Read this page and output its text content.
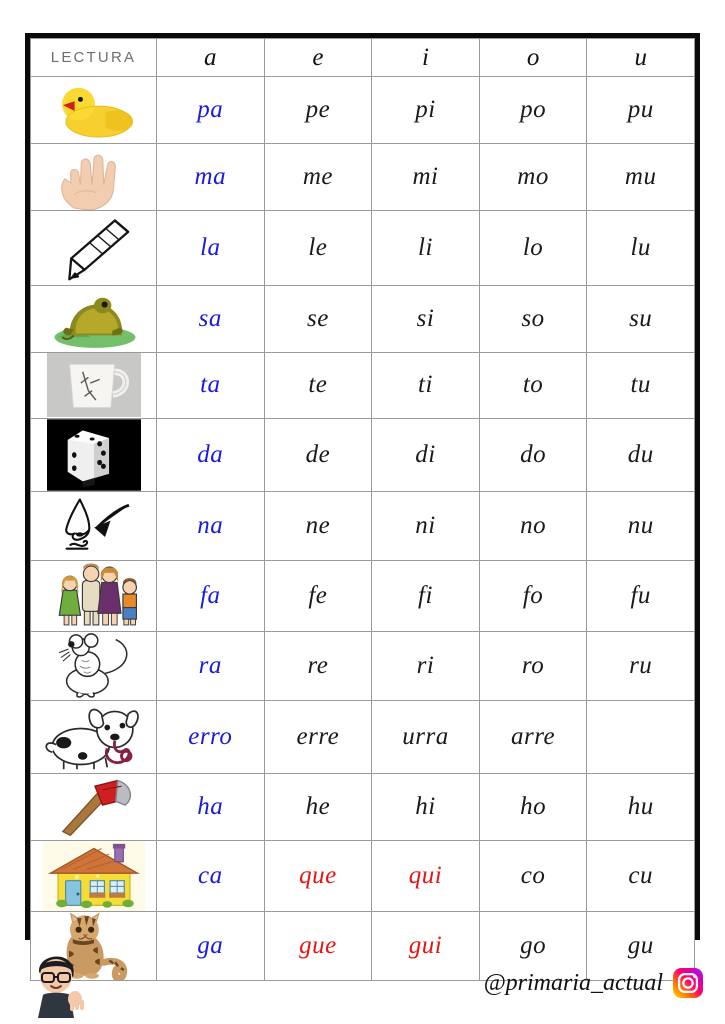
LECTURA	a	e	i	o	u

	pa	pe	pi	po	pu

	ma	me	mi	mo	mu

	la	le	li	lo	lu

	sa	se	si	so	su

	ta	te	ti	to	tu

	da	de	di	do	du

	na	ne	ni	no	nu

	fa	fe	fi	fo	fu

	ra	re	ri	ro	ru

	erro	erre	urra	arre	

	ha	he	hi	ho	hu

	ca	que	qui	co	cu

	ga	gue	gui	go	gu
@primaria_actual
